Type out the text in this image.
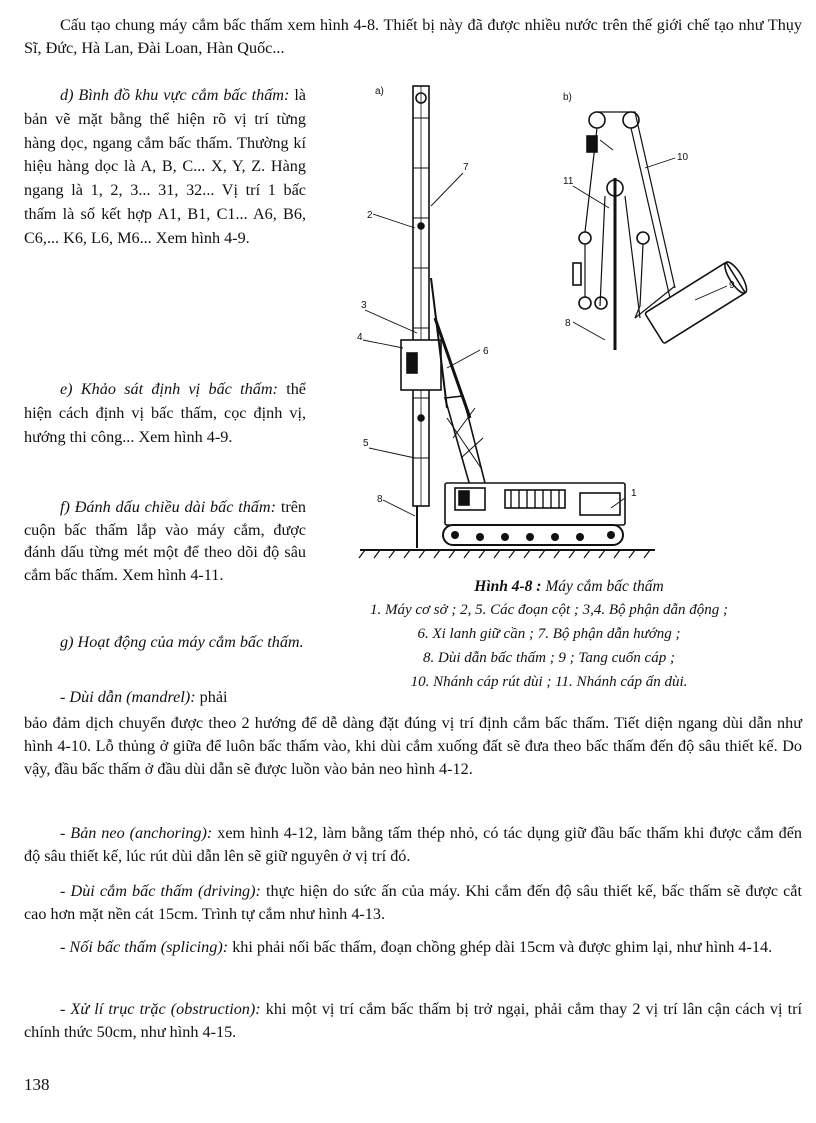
Cấu tạo chung máy cắm bấc thấm xem hình 4-8. Thiết bị này đã được nhiều nước trên thế giới chế tạo như Thụy Sĩ, Đức, Hà Lan, Đài Loan, Hàn Quốc...

d) Bình đồ khu vực cắm bấc thấm: là bản vẽ mặt bằng thể hiện rõ vị trí từng hàng dọc, ngang cắm bấc thấm. Thường kí hiệu hàng dọc là A, B, C... X, Y, Z. Hàng ngang là 1, 2, 3... 31, 32... Vị trí 1 bấc thấm là số kết hợp A1, B1, C1... A6, B6, C6,... K6, L6, M6... Xem hình 4-9.

e) Khảo sát định vị bấc thấm: thể hiện cách định vị bấc thấm, cọc định vị, hướng thi công... Xem hình 4-9.

f) Đánh dấu chiều dài bấc thấm: trên cuộn bấc thấm lắp vào máy cắm, được đánh dấu từng mét một để theo dõi độ sâu cắm bấc thấm. Xem hình 4-11.

g) Hoạt động của máy cắm bấc thấm.

- Dùi dẫn (mandrel): phải

bảo đảm dịch chuyển được theo 2 hướng để dễ dàng đặt đúng vị trí định cắm bấc thấm. Tiết diện ngang dùi dẫn như hình 4-10. Lỗ thủng ở giữa để luôn bấc thấm vào, khi dùi cắm xuống đất sẽ đưa theo bấc thấm đến độ sâu thiết kế. Do vậy, đầu bấc thấm ở đầu dùi dẫn sẽ được luồn vào bản neo hình 4-12.

- Bản neo (anchoring): xem hình 4-12, làm bằng tấm thép nhỏ, có tác dụng giữ đầu bấc thấm khi được cắm đến độ sâu thiết kế, lúc rút dùi dẫn lên sẽ giữ nguyên ở vị trí đó.

- Dùi cắm bấc thấm (driving): thực hiện do sức ấn của máy. Khi cắm đến độ sâu thiết kế, bấc thấm sẽ được cắt cao hơn mặt nền cát 15cm. Trình tự cắm như hình 4-13.

- Nối bấc thấm (splicing): khi phải nối bấc thấm, đoạn chồng ghép dài 15cm và được ghim lại, như hình 4-14.

- Xử lí trục trặc (obstruction): khi một vị trí cắm bấc thấm bị trở ngại, phải cắm thay 2 vị trí lân cận cách vị trí chính thức 50cm, như hình 4-15.

a)
b)
1
2
3
4
5
6
7
8
9
10
11
8

Hình 4-8 : Máy cắm bấc thấm

1. Máy cơ sở ; 2, 5. Các đoạn cột ; 3,4. Bộ phận dẫn động ;

6. Xi lanh giữ cần ; 7. Bộ phận dẫn hướng ;

8. Dùi dẫn bấc thấm ; 9 ; Tang cuốn cáp ;

10. Nhánh cáp rút dùi ; 11. Nhánh cáp ấn dùi.

138
